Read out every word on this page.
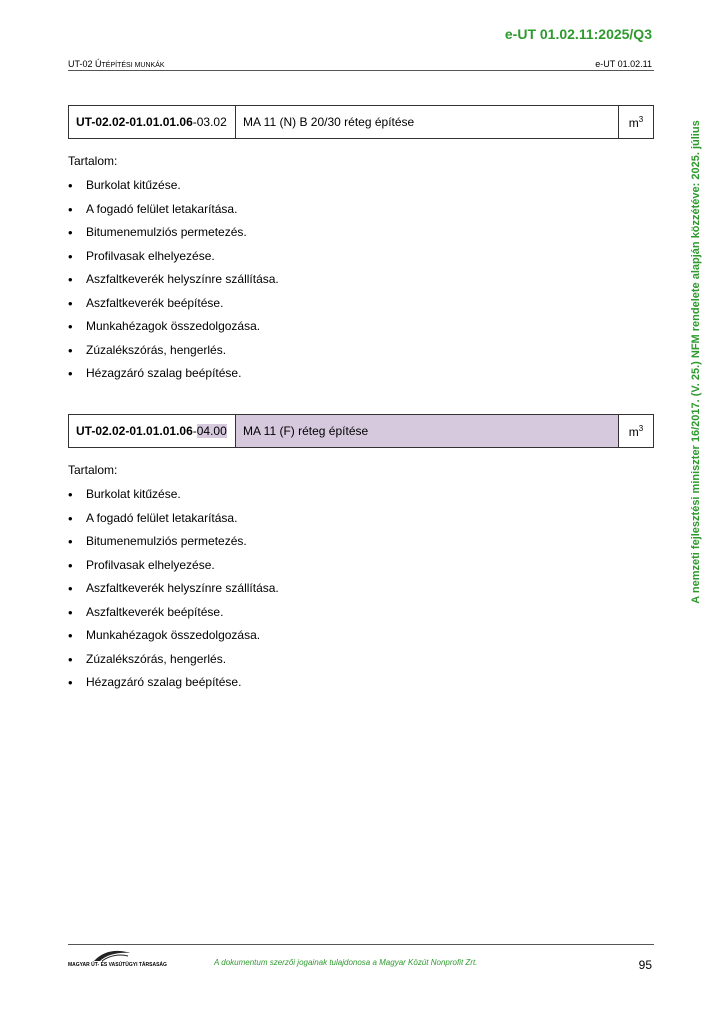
e-UT 01.02.11:2025/Q3
UT-02 ÚTÉPÍTÉSI MUNKÁK	e-UT 01.02.11
A nemzeti fejlesztési miniszter 16/2017. (V. 25.) NFM rendelete alapján közzétéve: 2025. július
UT-02.02-01.01.01.06-03.02	MA 11 (N) B 20/30 réteg építése	$m^3$
Tartalom:
• Burkolat kitűzése.
• A fogadó felület letakarítása.
• Bitumenemulziós permetezés.
• Profilvasak elhelyezése.
• Aszfaltkeverék helyszínre szállítása.
• Aszfaltkeverék beépítése.
• Munkahézagok összedolgozása.
• Zúzalékszórás, hengerlés.
• Hézagzáró szalag beépítése.
UT-02.02-01.01.01.06-04.00	MA 11 (F) réteg építése	$m^3$
Tartalom:
• Burkolat kitűzése.
• A fogadó felület letakarítása.
• Bitumenemulziós permetezés.
• Profilvasak elhelyezése.
• Aszfaltkeverék helyszínre szállítása.
• Aszfaltkeverék beépítése.
• Munkahézagok összedolgozása.
• Zúzalékszórás, hengerlés.
• Hézagzáró szalag beépítése.
MAGYAR ÚT- ÉS VASÚTÜGYI TÁRSASÁG	A dokumentum szerzői jogainak tulajdonosa a Magyar Közút Nonprofit Zrt.	95
